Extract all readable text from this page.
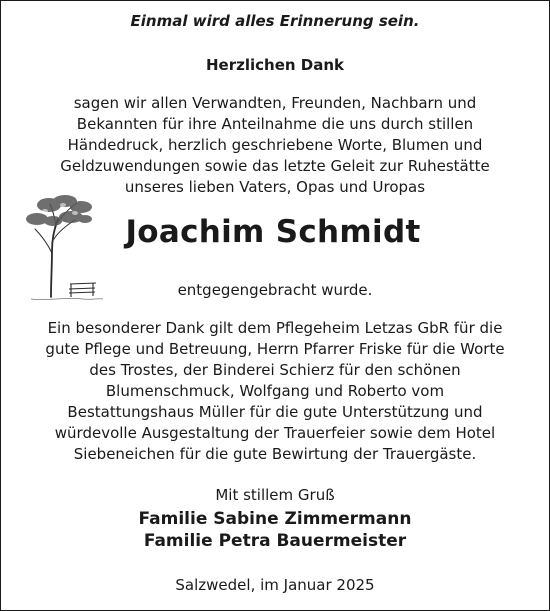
Einmal wird alles Erinnerung sein.
Herzlichen Dank
sagen wir allen Verwandten, Freunden, Nachbarn und
Bekannten für ihre Anteilnahme die uns durch stillen
Händedruck, herzlich geschriebene Worte, Blumen und
Geldzuwendungen sowie das letzte Geleit zur Ruhestätte
unseres lieben Vaters, Opas und Uropas
Joachim Schmidt
entgegengebracht wurde.
Ein besonderer Dank gilt dem Pflegeheim Letzas GbR für die
gute Pflege und Betreuung, Herrn Pfarrer Friske für die Worte
des Trostes, der Binderei Schierz für den schönen
Blumenschmuck, Wolfgang und Roberto vom
Bestattungshaus Müller für die gute Unterstützung und
würdevolle Ausgestaltung der Trauerfeier sowie dem Hotel
Siebeneichen für die gute Bewirtung der Trauergäste.
Mit stillem Gruß
Familie Sabine Zimmermann
Familie Petra Bauermeister
Salzwedel, im Januar 2025
